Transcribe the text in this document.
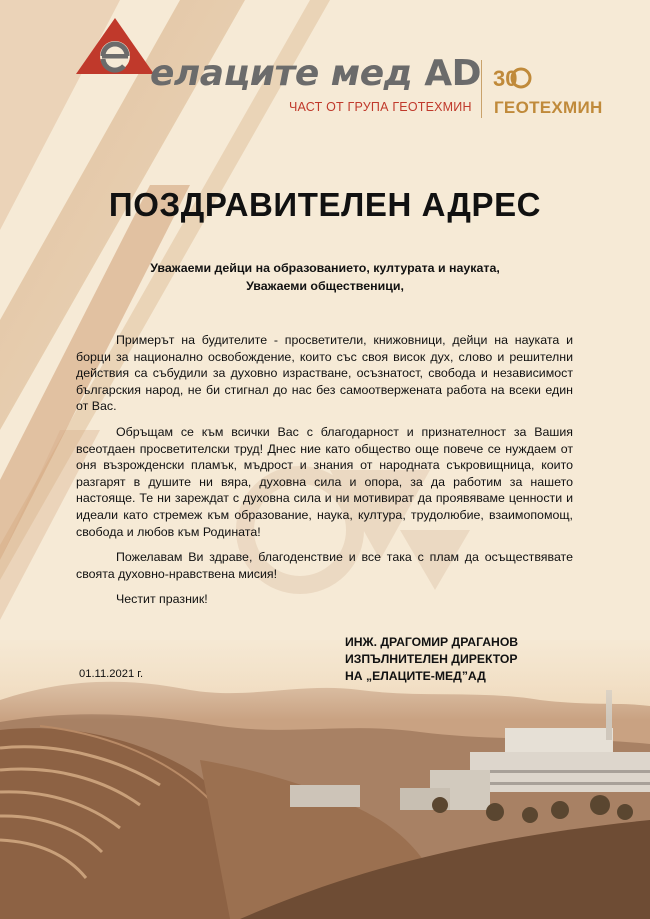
елаците мед AD
ЧАСТ ОТ ГРУПА ГЕОТЕХМИН
30
ГЕОТЕХМИН
ПОЗДРАВИТЕЛЕН АДРЕС
Уважаеми дейци на образованието, културата и науката,
Уважаеми общественици,

Примерът на будителите - просветители, книжовници, дейци на науката и борци за национално освобождение, които със своя висок дух, слово и решителни действия са събудили за духовно израстване, осъзнатост, свобода и независимост българския народ, не би стигнал до нас без самоотвержената работа на всеки един от Вас.

Обръщам се към всички Вас с благодарност и признателност за Вашия всеотдаен просветителски труд! Днес ние като общество още повече се нуждаем от оня възрожденски пламък, мъдрост и знания от народната съкровищница, които разгарят в душите ни вяра, духовна сила и опора, за да работим за нашето настояще. Те ни зареждат с духовна сила и ни мотивират да проявяваме ценности и идеали като стремеж към образование, наука, култура, трудолюбие, взаимопомощ, свобода и любов към Родината!

Пожелавам Ви здраве, благоденствие и все така с плам да осъществявате своята духовно-нравствена мисия!

Честит празник!

01.11.2021 г.
ИНЖ. ДРАГОМИР ДРАГАНОВ
ИЗПЪЛНИТЕЛЕН ДИРЕКТОР
НА „ЕЛАЦИТЕ-МЕД”АД
